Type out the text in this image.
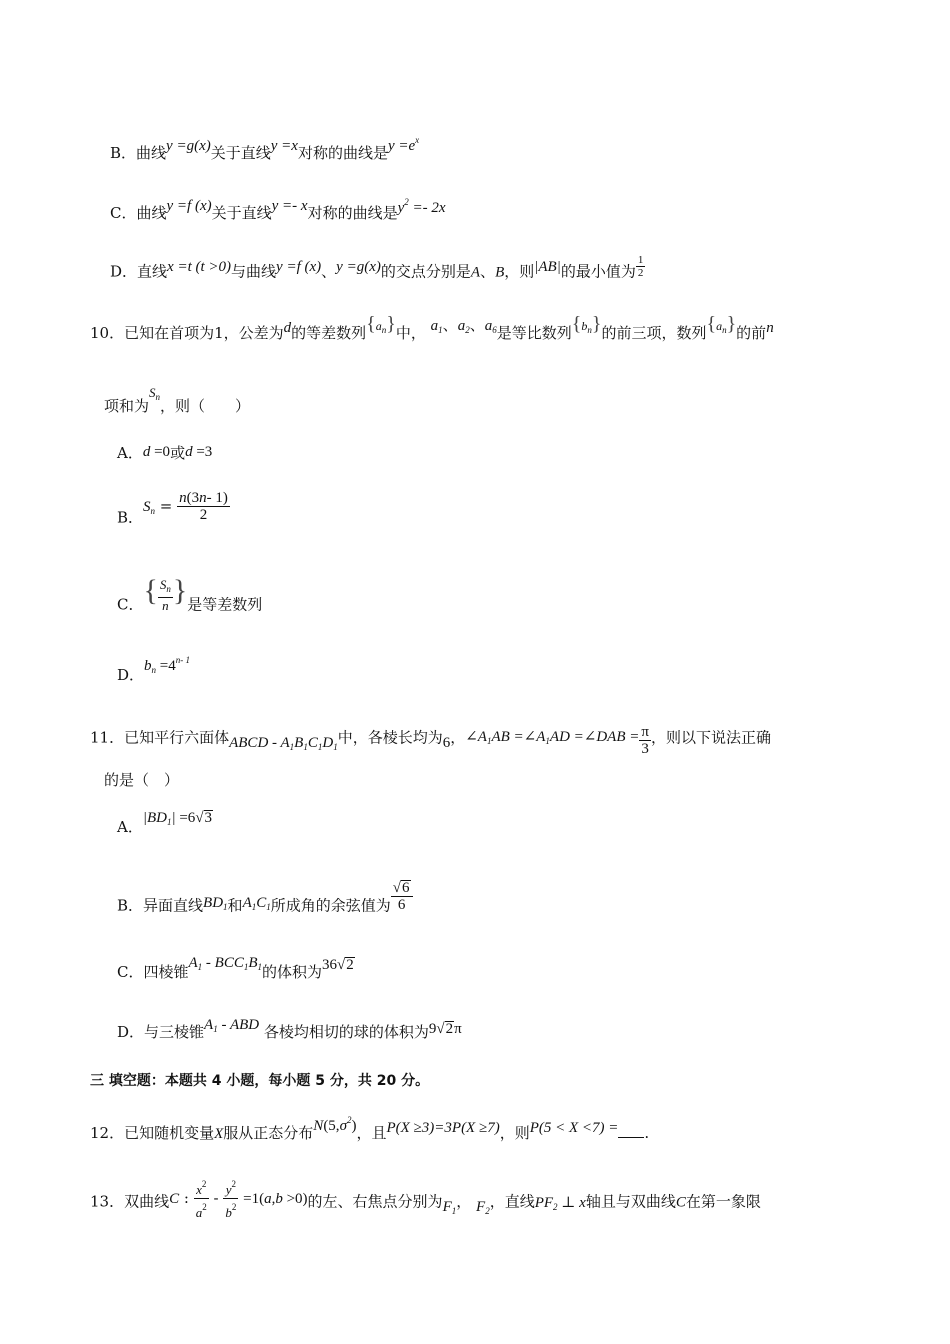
B．曲线y =g(x)关于直线y =x对称的曲线是$y =e^x$
C．曲线y =f (x)关于直线y =- x对称的曲线是$y^2 =- 2x$
D．直线x =t (t >0)与曲线y =f (x)、y =g(x)的交点分别是A、B，则|AB|的最小值为 $\frac{1}{2}$
10．已知在首项为1，公差为d的等差数列$\{a_n\}$中， $a_1$、$a_2$、$a_6$是等比数列$\{b_n\}$的前三项，数列$\{a_n\}$的前n
项和为$S_n$，则（　　）
A．d =0或d =3
B．$S_n = \frac{n(3n- 1)}{2}$
C．{ $\frac{S_n}{n}$ }是等差数列
D．$b_n =4^{n- 1}$
11．已知平行六面体ABCD - $A_1B_1C_1D_1$中，各棱长均为6，$\angle A_1AB$ $=\angle A_1AD$ =∠DAB = $\frac{\pi}{3}$ ，则以下说法正确
的是（　）
A．$|BD_1| =6√3$
B．异面直线$BD_1$和$A_1C_1$所成角的余弦值为 $\frac{√6}{6}$
C．四棱锥$A_1 - BCC_1B_1$的体积为36√2
D．与三棱锥$A_1$ - ABD 各棱均相切的球的体积为9√2π
三 填空题：本题共 4 小题，每小题 5 分，共 20 分。
12．已知随机变量X服从正态分布$N(5,\sigma^2)$，且P(X ≥3)=3P(X ≥7)，则P(5 < X <7) = .
13．双曲线C : $\frac{x^2}{a^2} - \frac{y^2}{b^2} =1(a,b >0)$的左、右焦点分别为$F_1$， $F_2$，直线$PF_2$ ⊥ x轴且与双曲线C在第一象限
